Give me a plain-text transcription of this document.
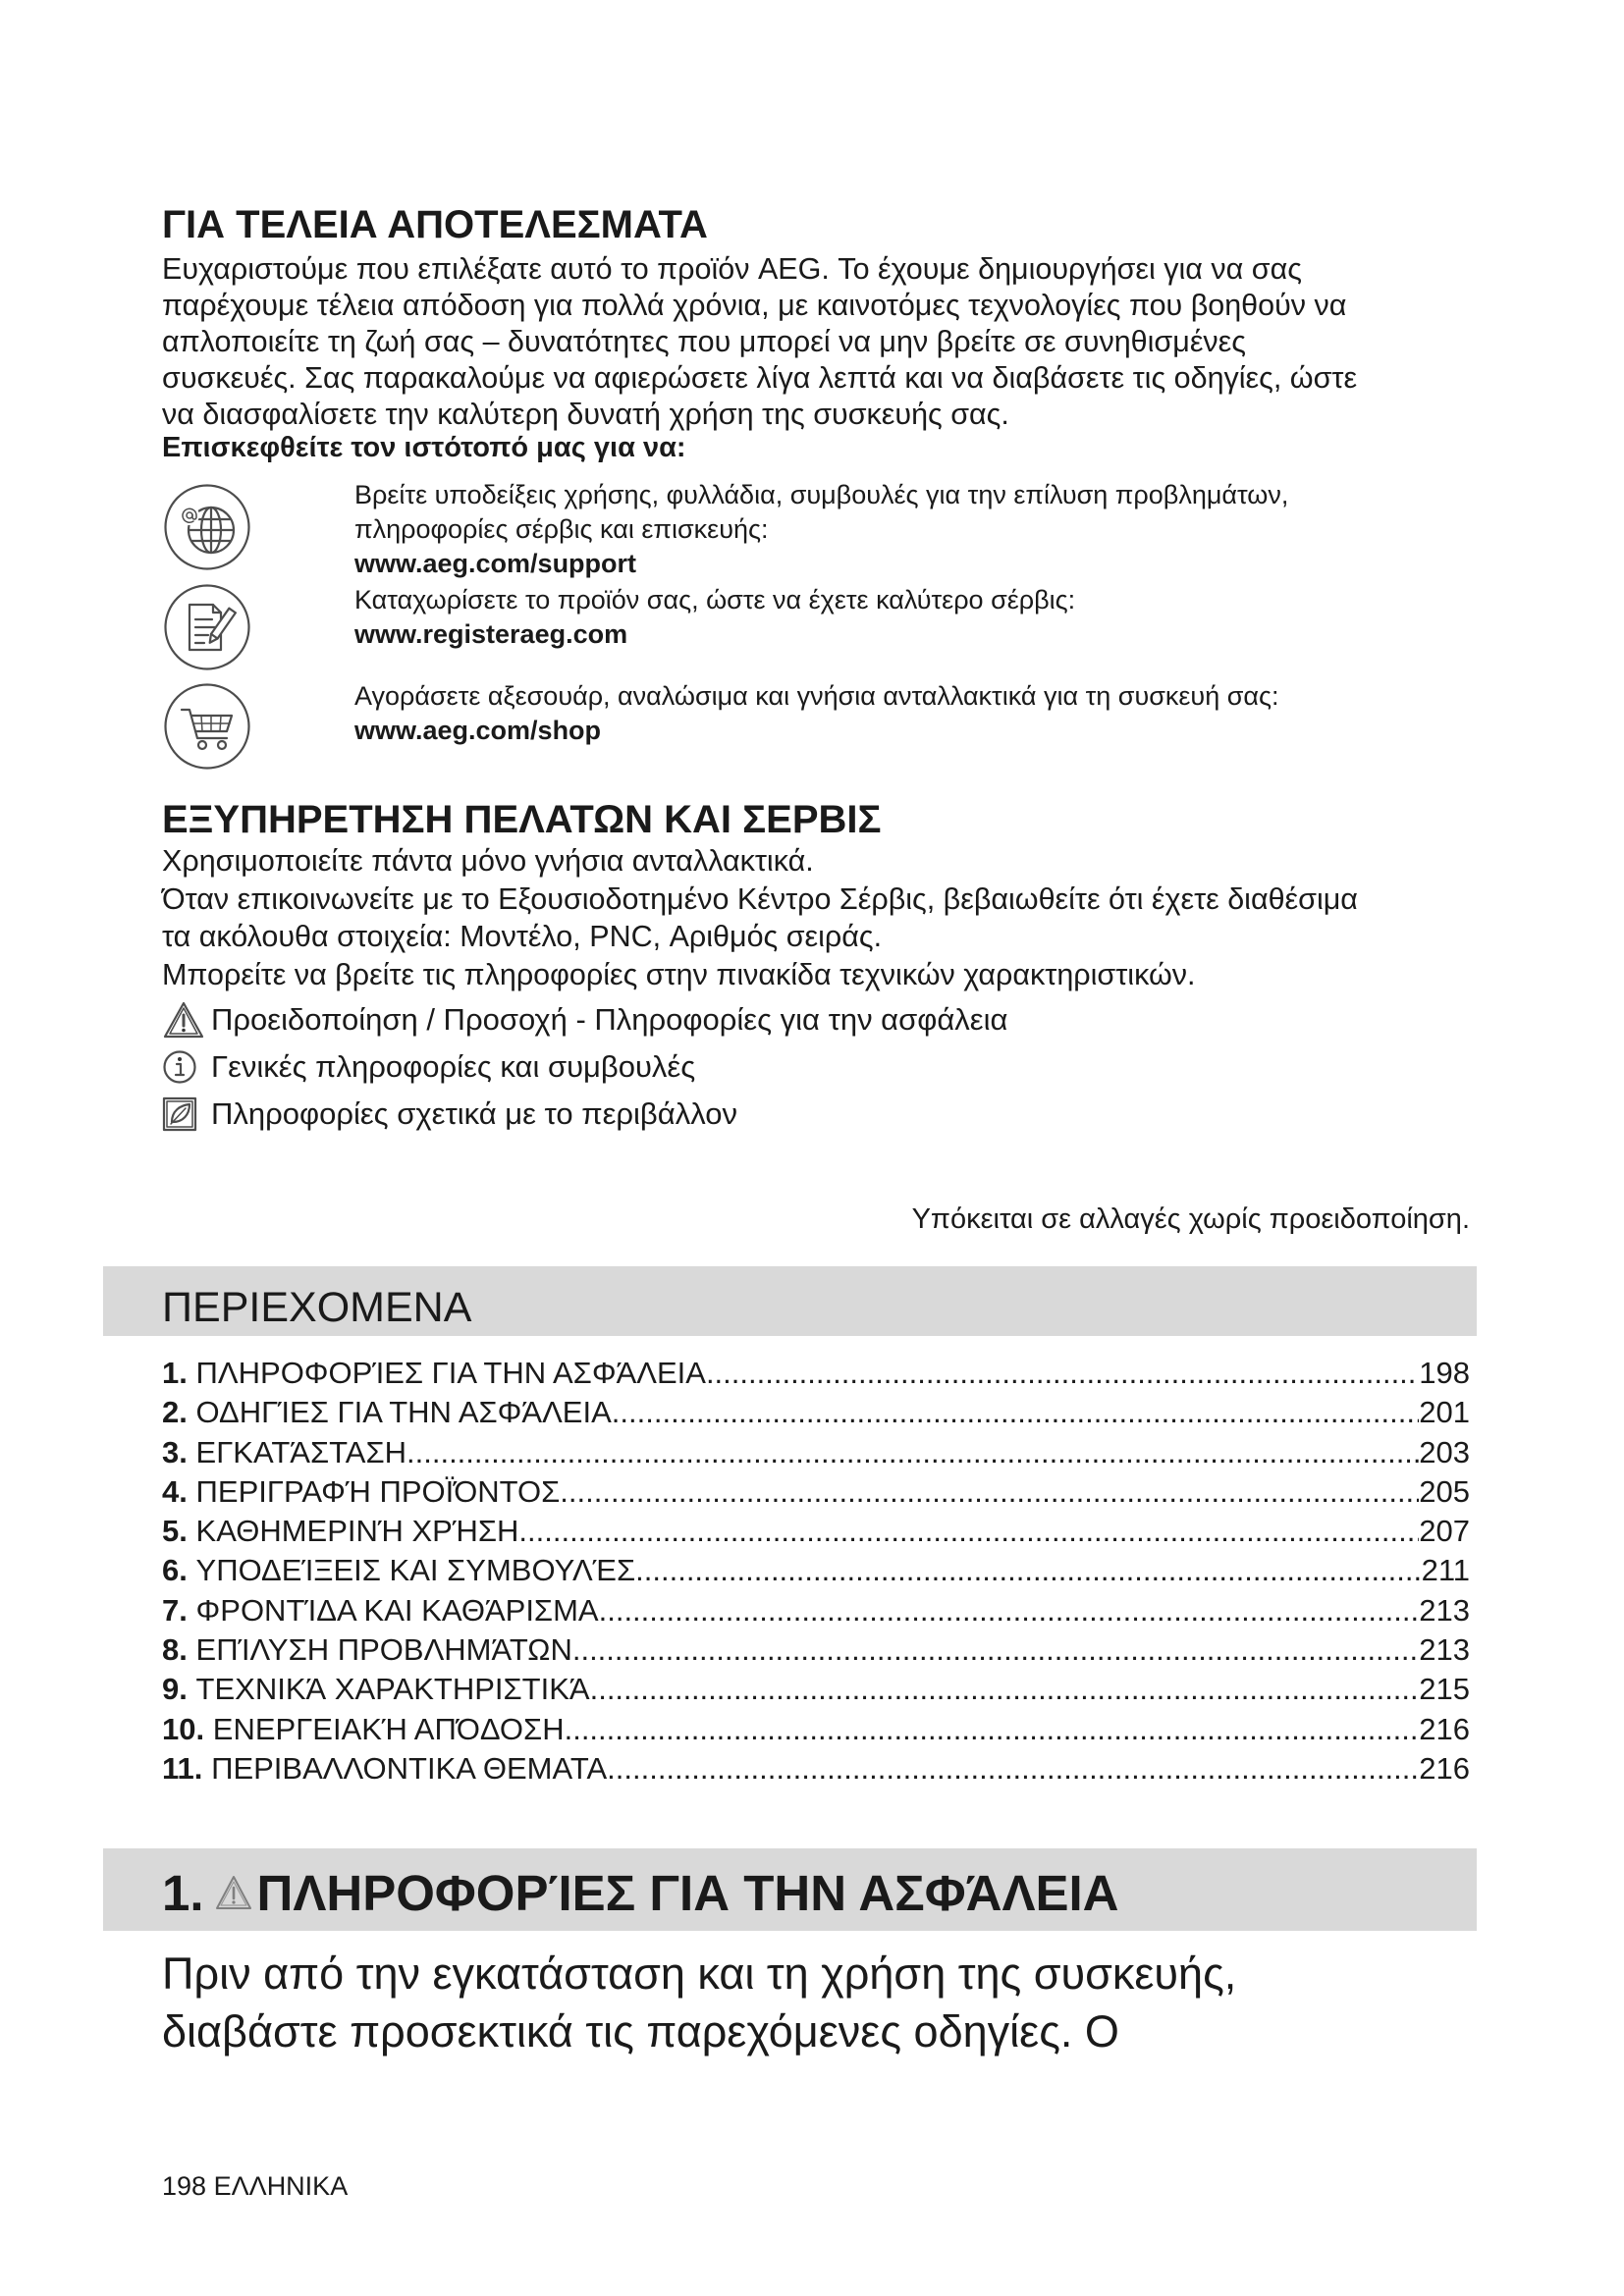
ΓΙΑ ΤΕΛΕΙΑ ΑΠΟΤΕΛΕΣΜΑΤΑ
Ευχαριστούμε που επιλέξατε αυτό το προϊόν AEG. Το έχουμε δημιουργήσει για να σας
παρέχουμε τέλεια απόδοση για πολλά χρόνια, με καινοτόμες τεχνολογίες που βοηθούν να
απλοποιείτε τη ζωή σας – δυνατότητες που μπορεί να μην βρείτε σε συνηθισμένες
συσκευές. Σας παρακαλούμε να αφιερώσετε λίγα λεπτά και να διαβάσετε τις οδηγίες, ώστε
να διασφαλίσετε την καλύτερη δυνατή χρήση της συσκευής σας.
Επισκεφθείτε τον ιστότοπό μας για να:
Βρείτε υποδείξεις χρήσης, φυλλάδια, συμβουλές για την επίλυση προβλημάτων,
πληροφορίες σέρβις και επισκευής:
www.aeg.com/support
Καταχωρίσετε το προϊόν σας, ώστε να έχετε καλύτερο σέρβις:
www.registeraeg.com
Αγοράσετε αξεσουάρ, αναλώσιμα και γνήσια ανταλλακτικά για τη συσκευή σας:
www.aeg.com/shop
ΕΞΥΠΗΡΕΤΗΣΗ ΠΕΛΑΤΩΝ ΚΑΙ ΣΕΡΒΙΣ
Χρησιμοποιείτε πάντα μόνο γνήσια ανταλλακτικά.
Όταν επικοινωνείτε με το Εξουσιοδοτημένο Κέντρο Σέρβις, βεβαιωθείτε ότι έχετε διαθέσιμα
τα ακόλουθα στοιχεία: Μοντέλο, PNC, Αριθμός σειράς.
Μπορείτε να βρείτε τις πληροφορίες στην πινακίδα τεχνικών χαρακτηριστικών.
Προειδοποίηση / Προσοχή - Πληροφορίες για την ασφάλεια
Γενικές πληροφορίες και συμβουλές
Πληροφορίες σχετικά με το περιβάλλον
Υπόκειται σε αλλαγές χωρίς προειδοποίηση.
ΠΕΡΙΕΧΟΜΕΝΑ
1. ΠΛΗΡΟΦΟΡΊΕΣ ΓΙΑ ΤΗΝ ΑΣΦΆΛΕΙΑ .....	198
2. ΟΔΗΓΊΕΣ ΓΙΑ ΤΗΝ ΑΣΦΆΛΕΙΑ .....	201
3. ΕΓΚΑΤΆΣΤΑΣΗ .....	203
4. ΠΕΡΙΓΡΑΦΉ ΠΡΟΪΌΝΤΟΣ .....	205
5. ΚΑΘΗΜΕΡΙΝΉ ΧΡΉΣΗ .....	207
6. ΥΠΟΔΕΊΞΕΙΣ ΚΑΙ ΣΥΜΒΟΥΛΈΣ .....	211
7. ΦΡΟΝΤΊΔΑ ΚΑΙ ΚΑΘΆΡΙΣΜΑ .....	213
8. ΕΠΊΛΥΣΗ ΠΡΟΒΛΗΜΆΤΩΝ .....	213
9. ΤΕΧΝΙΚΆ ΧΑΡΑΚΤΗΡΙΣΤΙΚΆ .....	215
10. ΕΝΕΡΓΕΙΑΚΉ ΑΠΌΔΟΣΗ .....	216
11. ΠΕΡΙΒΑΛΛΟΝΤΙΚΑ ΘΕΜΑΤΑ .....	216
1. ΠΛΗΡΟΦΟΡΊΕΣ ΓΙΑ ΤΗΝ ΑΣΦΆΛΕΙΑ
Πριν από την εγκατάσταση και τη χρήση της συσκευής,
διαβάστε προσεκτικά τις παρεχόμενες οδηγίες. Ο
198 ΕΛΛΗΝΙΚΑ
